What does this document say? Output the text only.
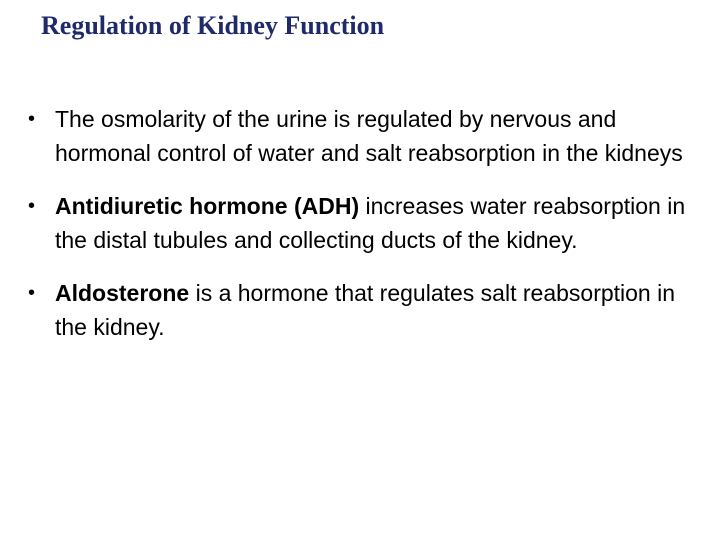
Regulation of Kidney Function
• The osmolarity of the urine is regulated by nervous and hormonal control of water and salt reabsorption in the kidneys
• Antidiuretic hormone (ADH) increases water reabsorption in the distal tubules and collecting ducts of the kidney.
• Aldosterone is a hormone that regulates salt reabsorption in the kidney.
